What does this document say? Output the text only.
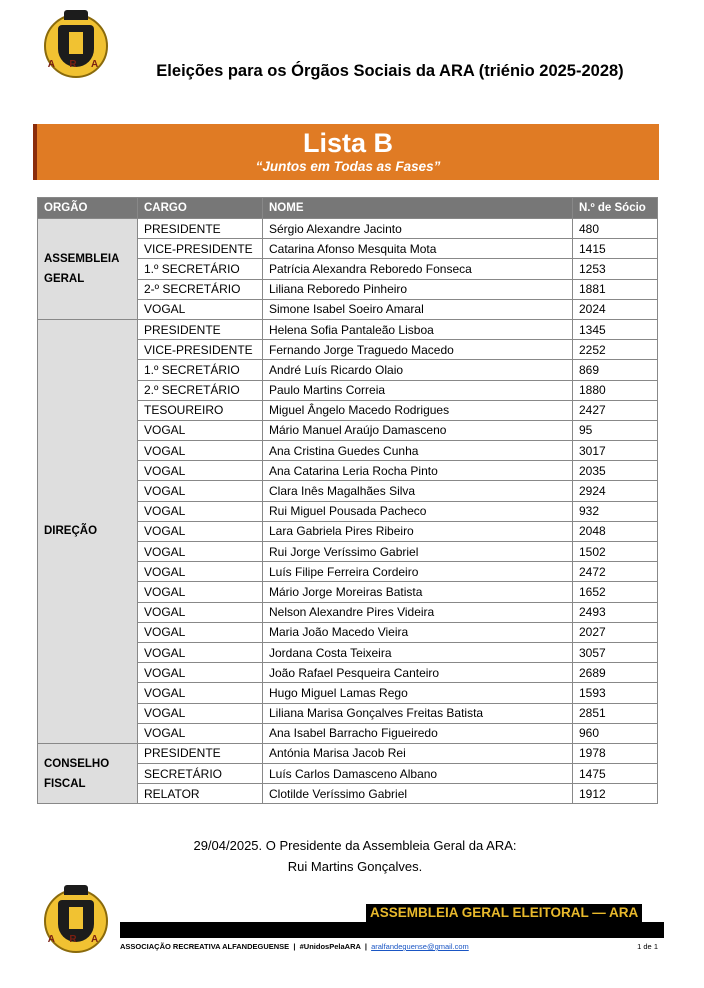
A R A	Eleições para os Órgãos Sociais da ARA (triénio 2025-2028)
Lista B
“Juntos em Todas as Fases”
ORGÃO	CARGO	NOME	N.º de Sócio
ASSEMBLEIA GERAL	PRESIDENTE	Sérgio Alexandre Jacinto	480
	VICE-PRESIDENTE	Catarina Afonso Mesquita Mota	1415
	1.º SECRETÁRIO	Patrícia Alexandra Reboredo Fonseca	1253
	2-º SECRETÁRIO	Liliana Reboredo Pinheiro	1881
	VOGAL	Simone Isabel Soeiro Amaral	2024
DIREÇÃO	PRESIDENTE	Helena Sofia Pantaleão Lisboa	1345
	VICE-PRESIDENTE	Fernando Jorge Traguedo Macedo	2252
	1.º SECRETÁRIO	André Luís Ricardo Olaio	869
	2.º SECRETÁRIO	Paulo Martins Correia	1880
	TESOUREIRO	Miguel Ângelo Macedo Rodrigues	2427
	VOGAL	Mário Manuel Araújo Damasceno	95
	VOGAL	Ana Cristina Guedes Cunha	3017
	VOGAL	Ana Catarina Leria Rocha Pinto	2035
	VOGAL	Clara Inês Magalhães Silva	2924
	VOGAL	Rui Miguel Pousada Pacheco	932
	VOGAL	Lara Gabriela Pires Ribeiro	2048
	VOGAL	Rui Jorge Veríssimo Gabriel	1502
	VOGAL	Luís Filipe Ferreira Cordeiro	2472
	VOGAL	Mário Jorge Moreiras Batista	1652
	VOGAL	Nelson Alexandre Pires Videira	2493
	VOGAL	Maria João Macedo Vieira	2027
	VOGAL	Jordana Costa Teixeira	3057
	VOGAL	João Rafael Pesqueira Canteiro	2689
	VOGAL	Hugo Miguel Lamas Rego	1593
	VOGAL	Liliana Marisa Gonçalves Freitas Batista	2851
	VOGAL	Ana Isabel Barracho Figueiredo	960
CONSELHO FISCAL	PRESIDENTE	Antónia Marisa Jacob Rei	1978
	SECRETÁRIO	Luís Carlos Damasceno Albano	1475
	RELATOR	Clotilde Veríssimo Gabriel	1912
29/04/2025. O Presidente da Assembleia Geral da ARA:
Rui Martins Gonçalves.
A R A
ASSEMBLEIA GERAL ELEITORAL — ARA
ASSOCIAÇÃO RECREATIVA ALFANDEGUENSE | #UnidosPelaARA | aralfandeguense@gmail.com	1 de 1
